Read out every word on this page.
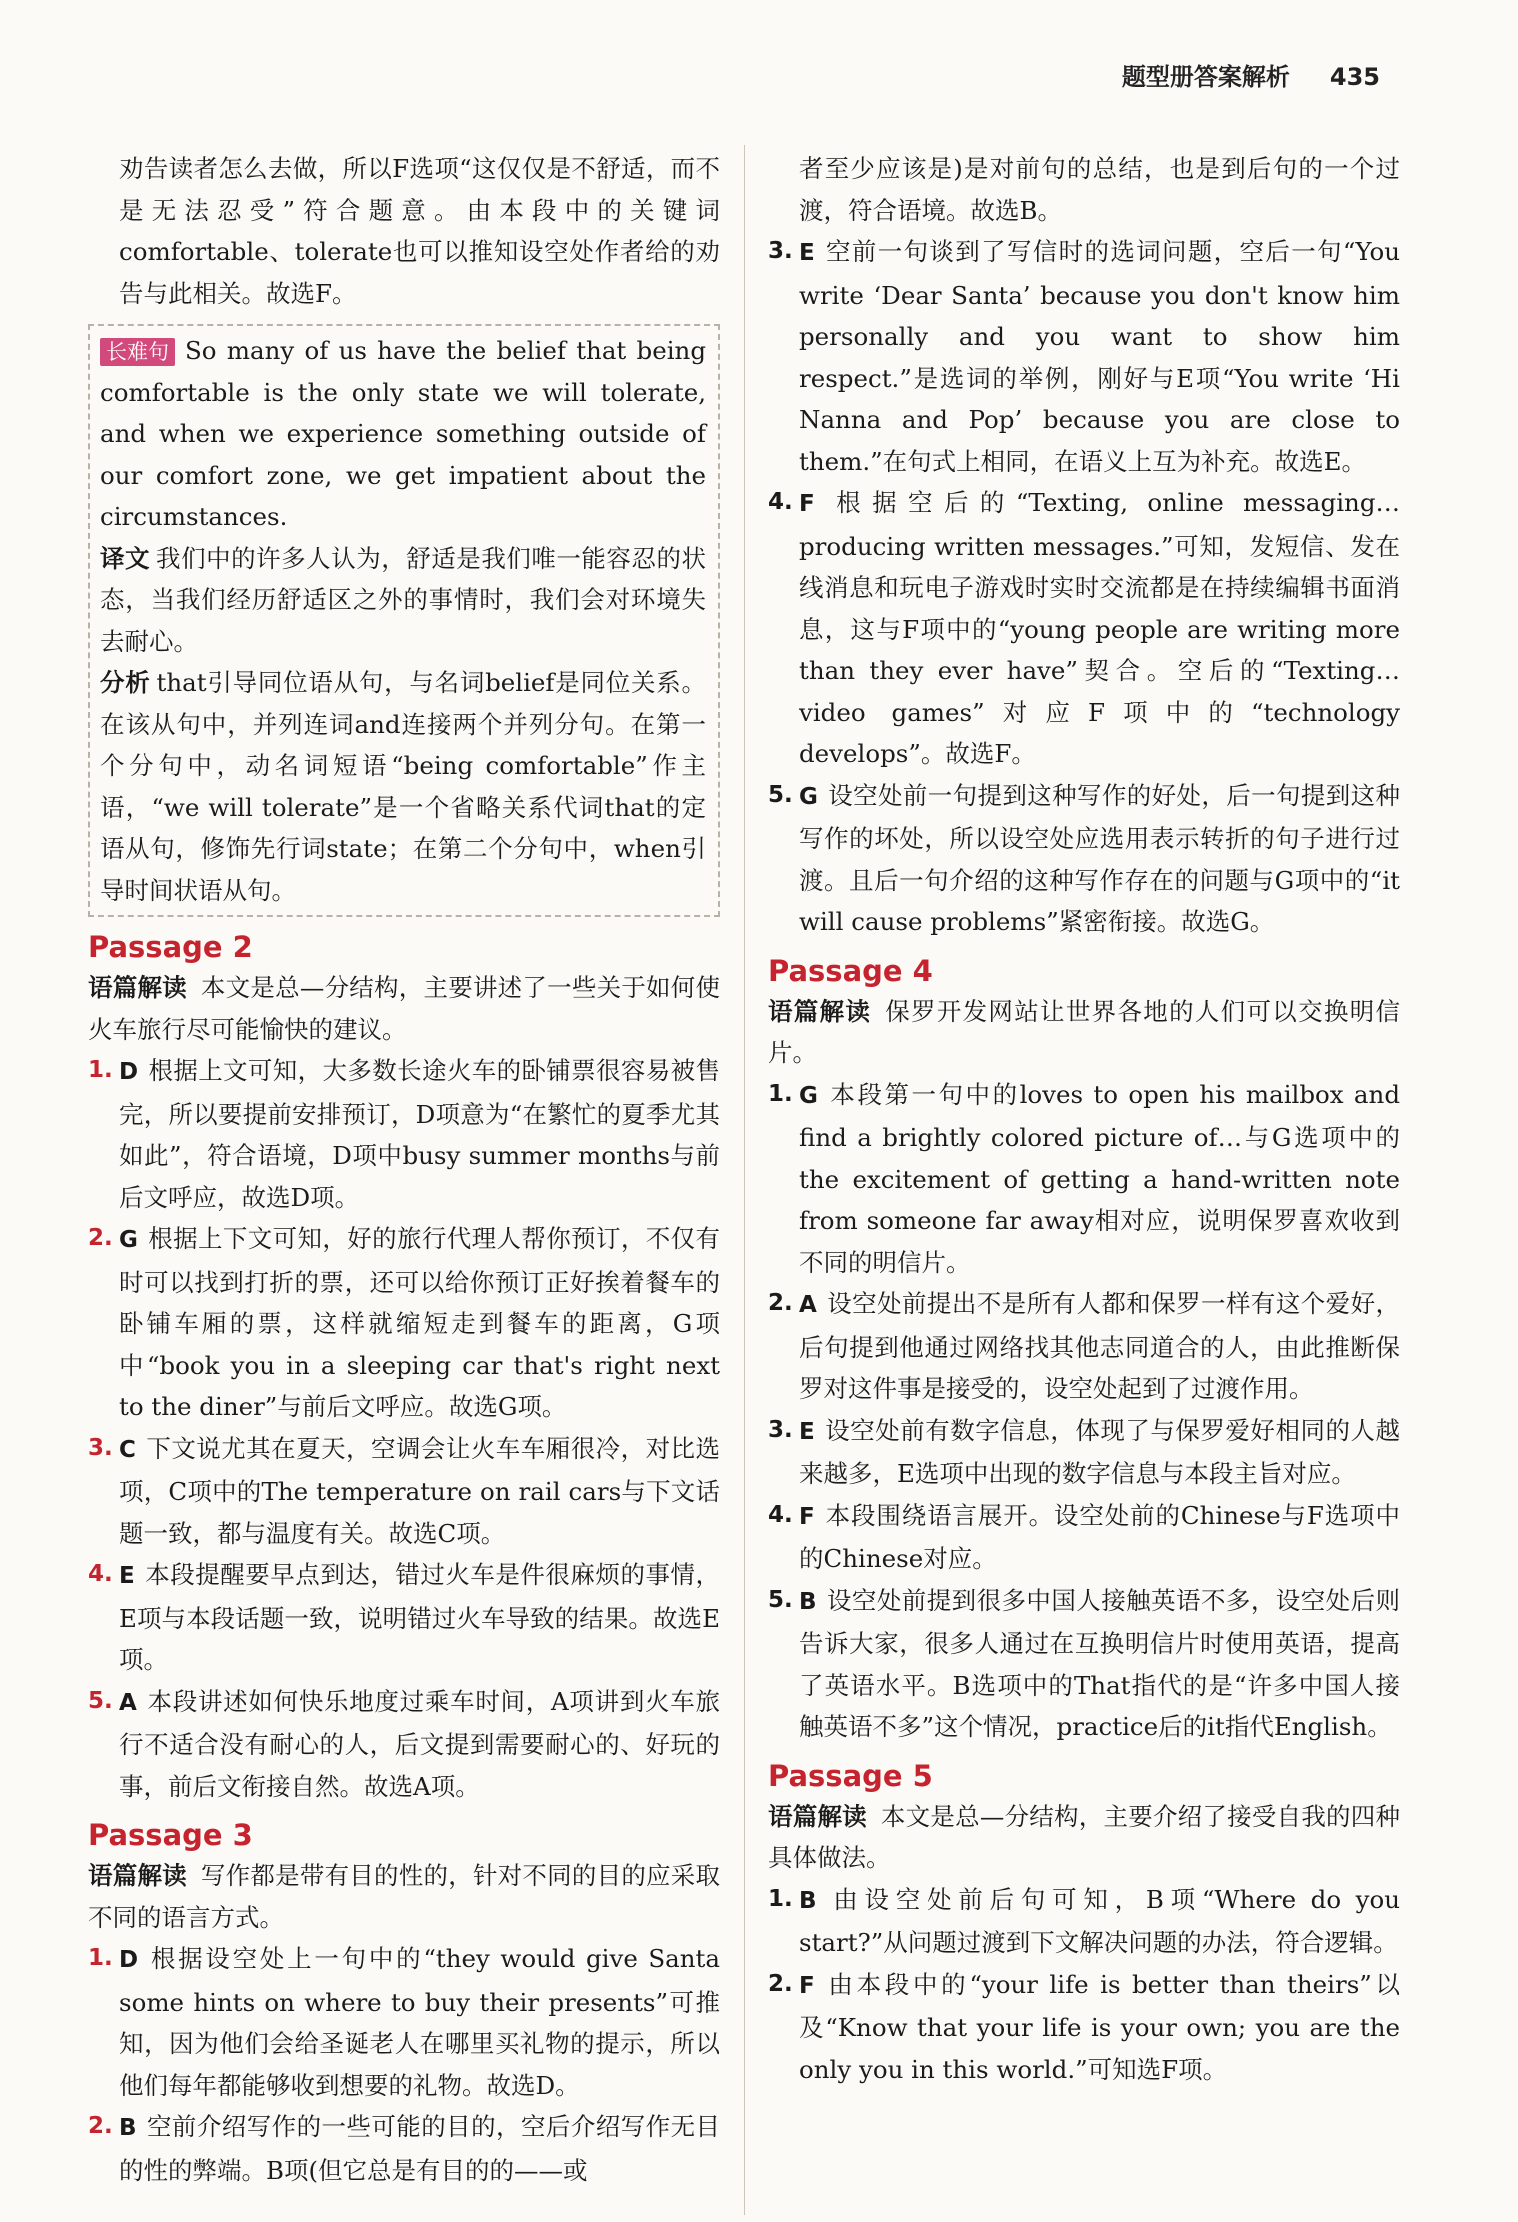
题型册答案解析 435

劝告读者怎么去做，所以F选项“这仅仅是不舒适，而不是无法忍受”符合题意。由本段中的关键词comfortable、tolerate也可以推知设空处作者给的劝告与此相关。故选F。

长难句 So many of us have the belief that being comfortable is the only state we will tolerate, and when we experience something outside of our comfort zone, we get impatient about the circumstances.

译文 我们中的许多人认为，舒适是我们唯一能容忍的状态，当我们经历舒适区之外的事情时，我们会对环境失去耐心。

分析 that引导同位语从句，与名词belief是同位关系。在该从句中，并列连词and连接两个并列分句。在第一个分句中，动名词短语“being comfortable”作主语，“we will tolerate”是一个省略关系代词that的定语从句，修饰先行词state；在第二个分句中，when引导时间状语从句。

Passage 2

语篇解读 本文是总—分结构，主要讲述了一些关于如何使火车旅行尽可能愉快的建议。

1. D 根据上文可知，大多数长途火车的卧铺票很容易被售完，所以要提前安排预订，D项意为“在繁忙的夏季尤其如此”，符合语境，D项中busy summer months与前后文呼应，故选D项。
2. G 根据上下文可知，好的旅行代理人帮你预订，不仅有时可以找到打折的票，还可以给你预订正好挨着餐车的卧铺车厢的票，这样就缩短走到餐车的距离，G项中“book you in a sleeping car that's right next to the diner”与前后文呼应。故选G项。
3. C 下文说尤其在夏天，空调会让火车车厢很冷，对比选项，C项中的The temperature on rail cars与下文话题一致，都与温度有关。故选C项。
4. E 本段提醒要早点到达，错过火车是件很麻烦的事情，E项与本段话题一致，说明错过火车导致的结果。故选E项。
5. A 本段讲述如何快乐地度过乘车时间，A项讲到火车旅行不适合没有耐心的人，后文提到需要耐心的、好玩的事，前后文衔接自然。故选A项。
Passage 3

语篇解读 写作都是带有目的性的，针对不同的目的应采取不同的语言方式。

1. D 根据设空处上一句中的“they would give Santa some hints on where to buy their presents”可推知，因为他们会给圣诞老人在哪里买礼物的提示，所以他们每年都能够收到想要的礼物。故选D。
2. B 空前介绍写作的一些可能的目的，空后介绍写作无目的性的弊端。B项(但它总是有目的的——或

者至少应该是)是对前句的总结，也是到后句的一个过渡，符合语境。故选B。

3. E 空前一句谈到了写信时的选词问题，空后一句“You write ‘Dear Santa’ because you don't know him personally and you want to show him respect.”是选词的举例，刚好与E项“You write ‘Hi Nanna and Pop’ because you are close to them.”在句式上相同，在语义上互为补充。故选E。
4. F 根据空后的“Texting, online messaging…producing written messages.”可知，发短信、发在线消息和玩电子游戏时实时交流都是在持续编辑书面消息，这与F项中的“young people are writing more than they ever have”契合。空后的“Texting…video games”对应F项中的“technology develops”。故选F。
5. G 设空处前一句提到这种写作的好处，后一句提到这种写作的坏处，所以设空处应选用表示转折的句子进行过渡。且后一句介绍的这种写作存在的问题与G项中的“it will cause problems”紧密衔接。故选G。
Passage 4

语篇解读 保罗开发网站让世界各地的人们可以交换明信片。

1. G 本段第一句中的loves to open his mailbox and find a brightly colored picture of…与G选项中的the excitement of getting a hand-written note from someone far away相对应，说明保罗喜欢收到不同的明信片。
2. A 设空处前提出不是所有人都和保罗一样有这个爱好，后句提到他通过网络找其他志同道合的人，由此推断保罗对这件事是接受的，设空处起到了过渡作用。
3. E 设空处前有数字信息，体现了与保罗爱好相同的人越来越多，E选项中出现的数字信息与本段主旨对应。
4. F 本段围绕语言展开。设空处前的Chinese与F选项中的Chinese对应。
5. B 设空处前提到很多中国人接触英语不多，设空处后则告诉大家，很多人通过在互换明信片时使用英语，提高了英语水平。B选项中的That指代的是“许多中国人接触英语不多”这个情况，practice后的it指代English。
Passage 5

语篇解读 本文是总—分结构，主要介绍了接受自我的四种具体做法。

1. B 由设空处前后句可知，B项“Where do you start?”从问题过渡到下文解决问题的办法，符合逻辑。
2. F 由本段中的“your life is better than theirs”以及“Know that your life is your own; you are the only you in this world.”可知选F项。
